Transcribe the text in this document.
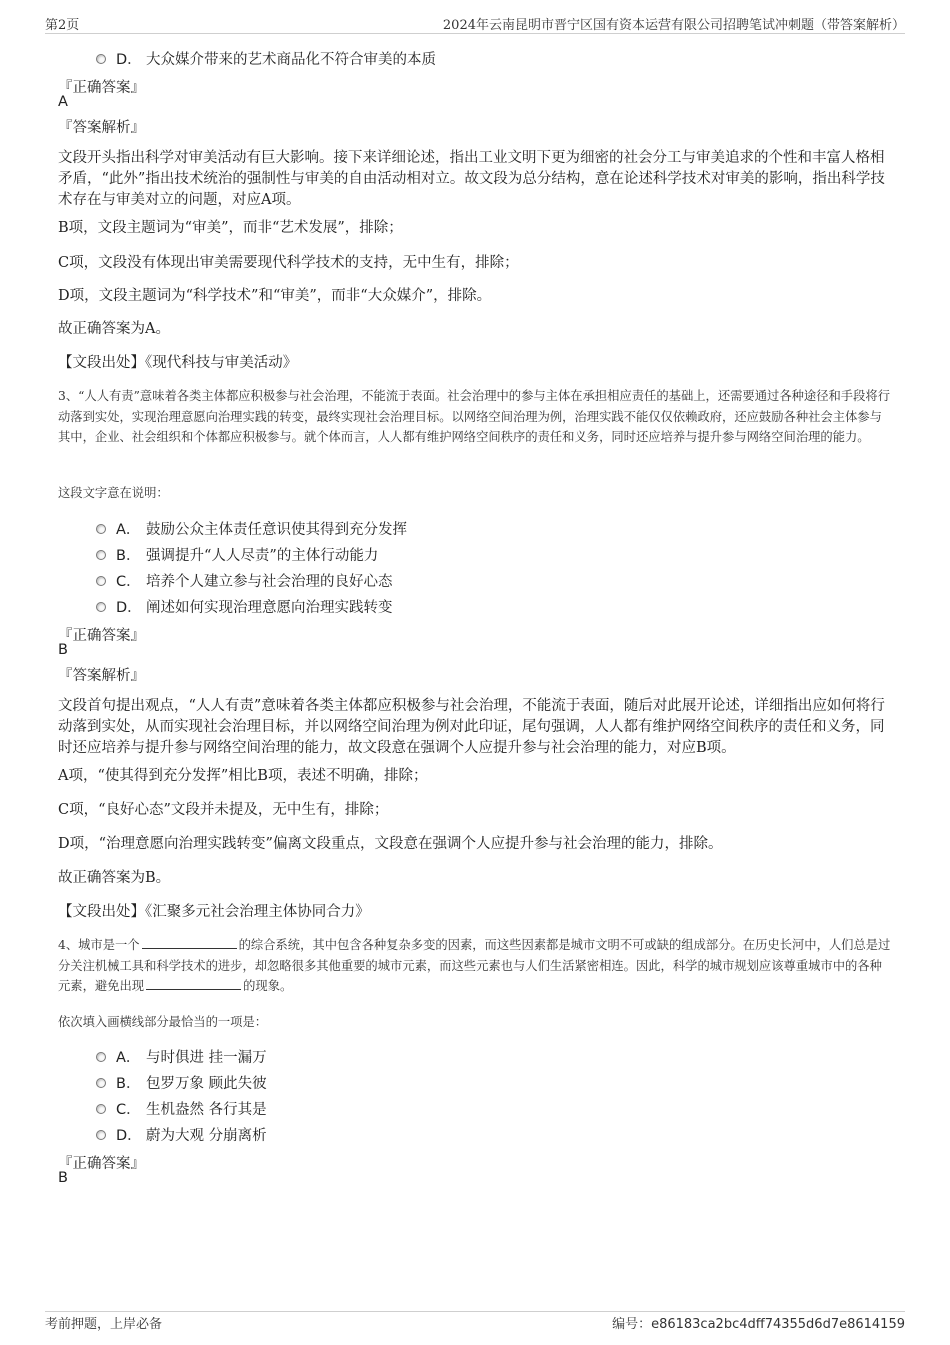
第2页	2024年云南昆明市晋宁区国有资本运营有限公司招聘笔试冲刺题（带答案解析）
D． 大众媒介带来的艺术商品化不符合审美的本质
『正确答案』
A
『答案解析』
文段开头指出科学对审美活动有巨大影响。接下来详细论述，指出工业文明下更为细密的社会分工与审美追求的个性和丰富人格相矛盾，“此外”指出技术统治的强制性与审美的自由活动相对立。故文段为总分结构，意在论述科学技术对审美的影响，指出科学技术存在与审美对立的问题，对应A项。
B项，文段主题词为“审美”，而非“艺术发展”，排除；
C项，文段没有体现出审美需要现代科学技术的支持，无中生有，排除；
D项，文段主题词为“科学技术”和“审美”，而非“大众媒介”，排除。
故正确答案为A。
【文段出处】《现代科技与审美活动》
3、“人人有责”意味着各类主体都应积极参与社会治理，不能流于表面。社会治理中的参与主体在承担相应责任的基础上，还需要通过各种途径和手段将行动落到实处，实现治理意愿向治理实践的转变，最终实现社会治理目标。以网络空间治理为例，治理实践不能仅仅依赖政府，还应鼓励各种社会主体参与其中，企业、社会组织和个体都应积极参与。就个体而言，人人都有维护网络空间秩序的责任和义务，同时还应培养与提升参与网络空间治理的能力。
这段文字意在说明：
A． 鼓励公众主体责任意识使其得到充分发挥
B． 强调提升“人人尽责”的主体行动能力
C． 培养个人建立参与社会治理的良好心态
D． 阐述如何实现治理意愿向治理实践转变
『正确答案』
B
『答案解析』
文段首句提出观点，“人人有责”意味着各类主体都应积极参与社会治理，不能流于表面，随后对此展开论述，详细指出应如何将行动落到实处，从而实现社会治理目标，并以网络空间治理为例对此印证，尾句强调，人人都有维护网络空间秩序的责任和义务，同时还应培养与提升参与网络空间治理的能力，故文段意在强调个人应提升参与社会治理的能力，对应B项。
A项，“使其得到充分发挥”相比B项，表述不明确，排除；
C项，“良好心态”文段并未提及，无中生有，排除；
D项，“治理意愿向治理实践转变”偏离文段重点，文段意在强调个人应提升参与社会治理的能力，排除。
故正确答案为B。
【文段出处】《汇聚多元社会治理主体协同合力》
4、城市是一个	的综合系统，其中包含各种复杂多变的因素，而这些因素都是城市文明不可或缺的组成部分。在历史长河中，人们总是过分关注机械工具和科学技术的进步，却忽略很多其他重要的城市元素，而这些元素也与人们生活紧密相连。因此，科学的城市规划应该尊重城市中的各种元素，避免出现	的现象。
依次填入画横线部分最恰当的一项是：
A． 与时俱进 挂一漏万
B． 包罗万象 顾此失彼
C． 生机盎然 各行其是
D． 蔚为大观 分崩离析
『正确答案』
B
考前押题，上岸必备	编号：e86183ca2bc4dff74355d6d7e8614159
